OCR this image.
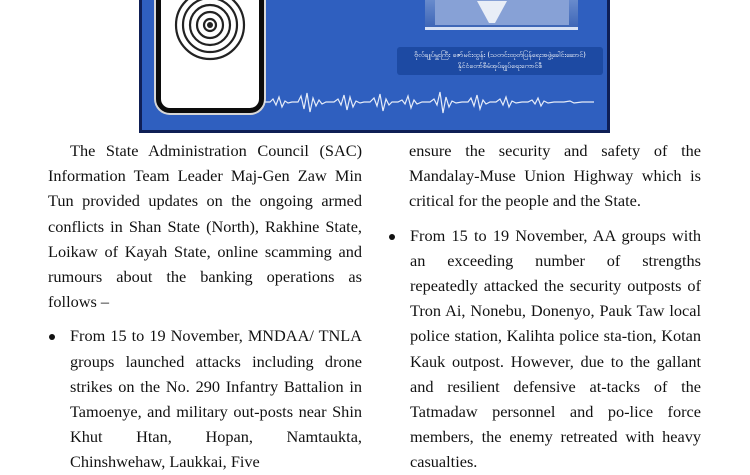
ဗိုလ်ချုပ်မှူးကြီး ဇော်မင်းထွန်း (သတင်းထုတ်ပြန်ရေးအဖွဲ့ခေါင်းဆောင်)
နိုင်ငံတော်စီမံအုပ်ချုပ်ရေးကောင်စီ

The State Administration Council (SAC) Information Team Leader Maj-Gen Zaw Min Tun provided updates on the ongoing armed conflicts in Shan State (North), Rakhine State, Loikaw of Kayah State, online scamming and rumours about the banking operations as follows –

From 15 to 19 November, MNDAA/ TNLA groups launched attacks including drone strikes on the No. 290 Infantry Battalion in Tamoenye, and military out-posts near Shin Khut Htan, Hopan, Namtaukta, Chinshwehaw, Laukkai, Five

ensure the security and safety of the Mandalay-Muse Union Highway which is critical for the people and the State.

From 15 to 19 November, AA groups with an exceeding number of strengths repeatedly attacked the security outposts of Tron Ai, Nonebu, Donenyo, Pauk Taw local police station, Kalihta police sta-tion, Kotan Kauk outpost. However, due to the gallant and resilient defensive at-tacks of the Tatmadaw personnel and po-lice force members, the enemy retreated with heavy casualties.
